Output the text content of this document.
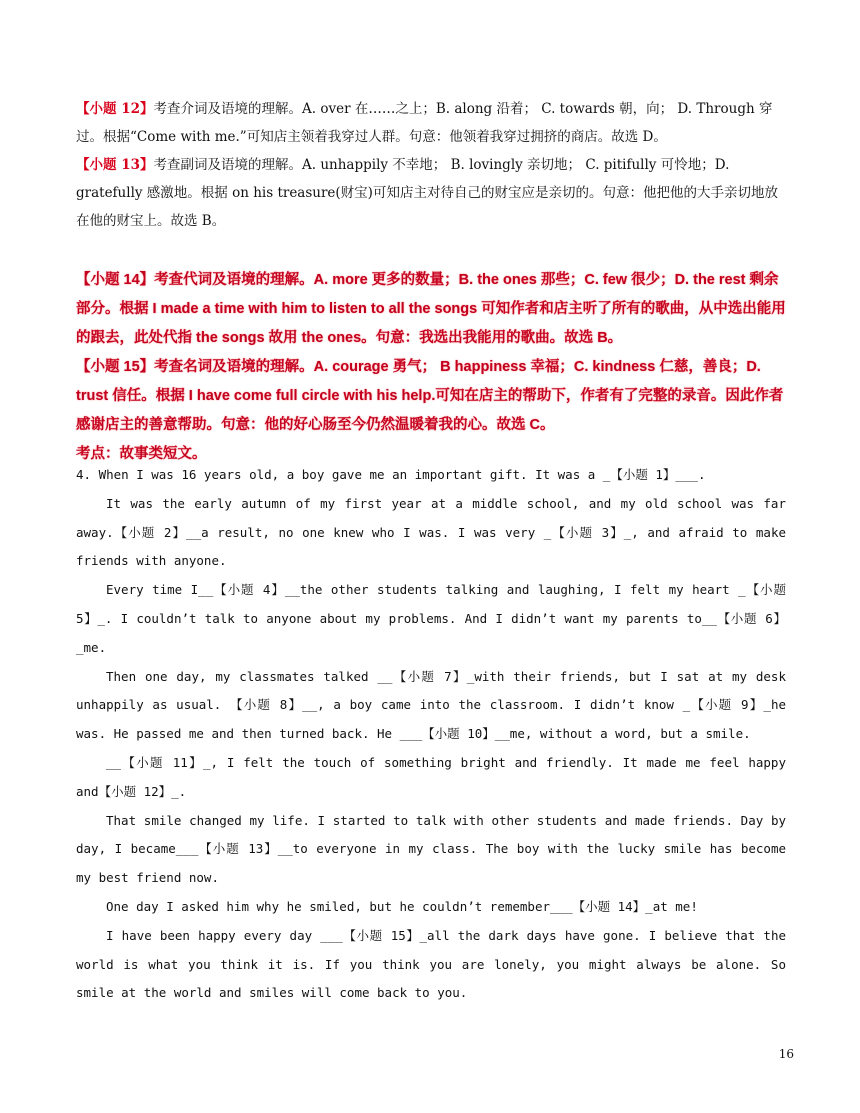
【小题 12】考查介词及语境的理解。A. over 在……之上；B. along 沿着； C. towards 朝，向； D. Through 穿过。根据“Come with me.”可知店主领着我穿过人群。句意：他领着我穿过拥挤的商店。故选 D。

【小题 13】考查副词及语境的理解。A. unhappily 不幸地； B. lovingly 亲切地； C. pitifully 可怜地；D. gratefully 感激地。根据 on his treasure(财宝)可知店主对待自己的财宝应是亲切的。句意：他把他的大手亲切地放在他的财宝上。故选 B。

【小题 14】考查代词及语境的理解。A. more 更多的数量；B. the ones 那些；C. few 很少；D. the rest 剩余部分。根据 I made a time with him to listen to all the songs 可知作者和店主听了所有的歌曲，从中选出能用的跟去，此处代指 the songs 故用 the ones。句意：我选出我能用的歌曲。故选 B。

【小题 15】考查名词及语境的理解。A. courage 勇气； B happiness 幸福；C. kindness 仁慈，善良；D. trust 信任。根据 I have come full circle with his help.可知在店主的帮助下，作者有了完整的录音。因此作者感谢店主的善意帮助。句意：他的好心肠至今仍然温暖着我的心。故选 C。

考点：故事类短文。

4. When I was 16 years old, a boy gave me an important gift. It was a _【小题 1】___.

It was the early autumn of my first year at a middle school, and my old school was far away.【小题 2】__a result, no one knew who I was. I was very _【小题 3】_, and afraid to make friends with anyone.

Every time I__【小题 4】__the other students talking and laughing, I felt my heart _【小题 5】_. I couldn’t talk to anyone about my problems. And I didn’t want my parents to__【小题 6】_me.

Then one day, my classmates talked __【小题 7】_with their friends, but I sat at my desk unhappily as usual. 【小题 8】__, a boy came into the classroom. I didn’t know _【小题 9】_he was. He passed me and then turned back. He ___【小题 10】__me, without a word, but a smile.

__【小题 11】_, I felt the touch of something bright and friendly. It made me feel happy and【小题 12】_.

That smile changed my life. I started to talk with other students and made friends. Day by day, I became___【小题 13】__to everyone in my class. The boy with the lucky smile has become my best friend now.

One day I asked him why he smiled, but he couldn’t remember___【小题 14】_at me!

I have been happy every day ___【小题 15】_all the dark days have gone. I believe that the world is what you think it is. If you think you are lonely, you might always be alone. So smile at the world and smiles will come back to you.

16
